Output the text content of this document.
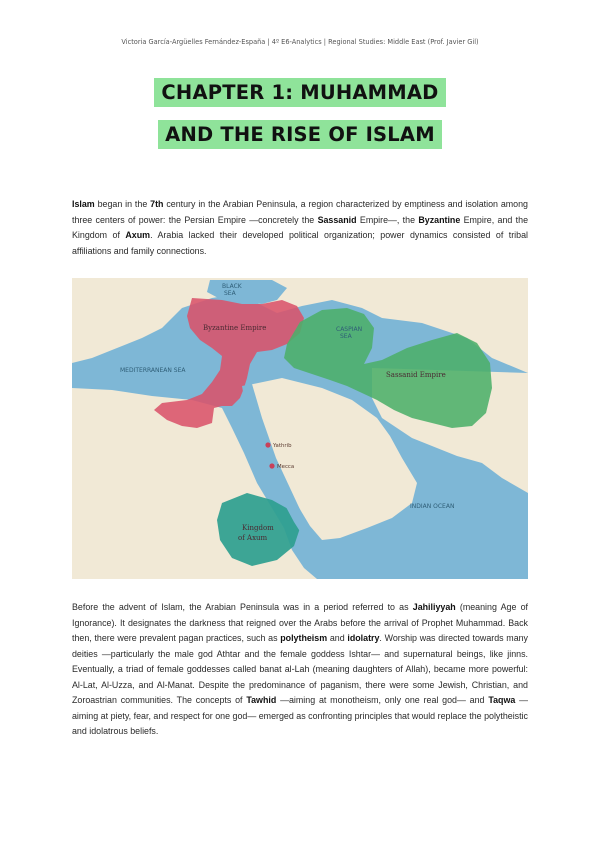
Victoria García-Argüelles Fernández-España | 4º E6-Analytics | Regional Studies: Middle East (Prof. Javier Gil)
CHAPTER 1: MUHAMMAD
AND THE RISE OF ISLAM
Islam began in the 7th century in the Arabian Peninsula, a region characterized by emptiness and isolation among three centers of power: the Persian Empire —concretely the Sassanid Empire—, the Byzantine Empire, and the Kingdom of Axum. Arabia lacked their developed political organization; power dynamics consisted of tribal affiliations and family connections.
BLACK
SEA
CASPIAN
SEA
MEDITERRANEAN SEA
INDIAN OCEAN
Byzantine Empire
Sassanid Empire
Kingdom
of Axum
Yathrib
Mecca
Before the advent of Islam, the Arabian Peninsula was in a period referred to as Jahiliyyah (meaning Age of Ignorance). It designates the darkness that reigned over the Arabs before the arrival of Prophet Muhammad. Back then, there were prevalent pagan practices, such as polytheism and idolatry. Worship was directed towards many deities —particularly the male god Athtar and the female goddess Ishtar— and supernatural beings, like jinns. Eventually, a triad of female goddesses called banat al-Lah (meaning daughters of Allah), became more powerful: Al-Lat, Al-Uzza, and Al-Manat. Despite the predominance of paganism, there were some Jewish, Christian, and Zoroastrian communities. The concepts of Tawhid —aiming at monotheism, only one real god— and Taqwa —aiming at piety, fear, and respect for one god— emerged as confronting principles that would replace the polytheistic and idolatrous beliefs.
